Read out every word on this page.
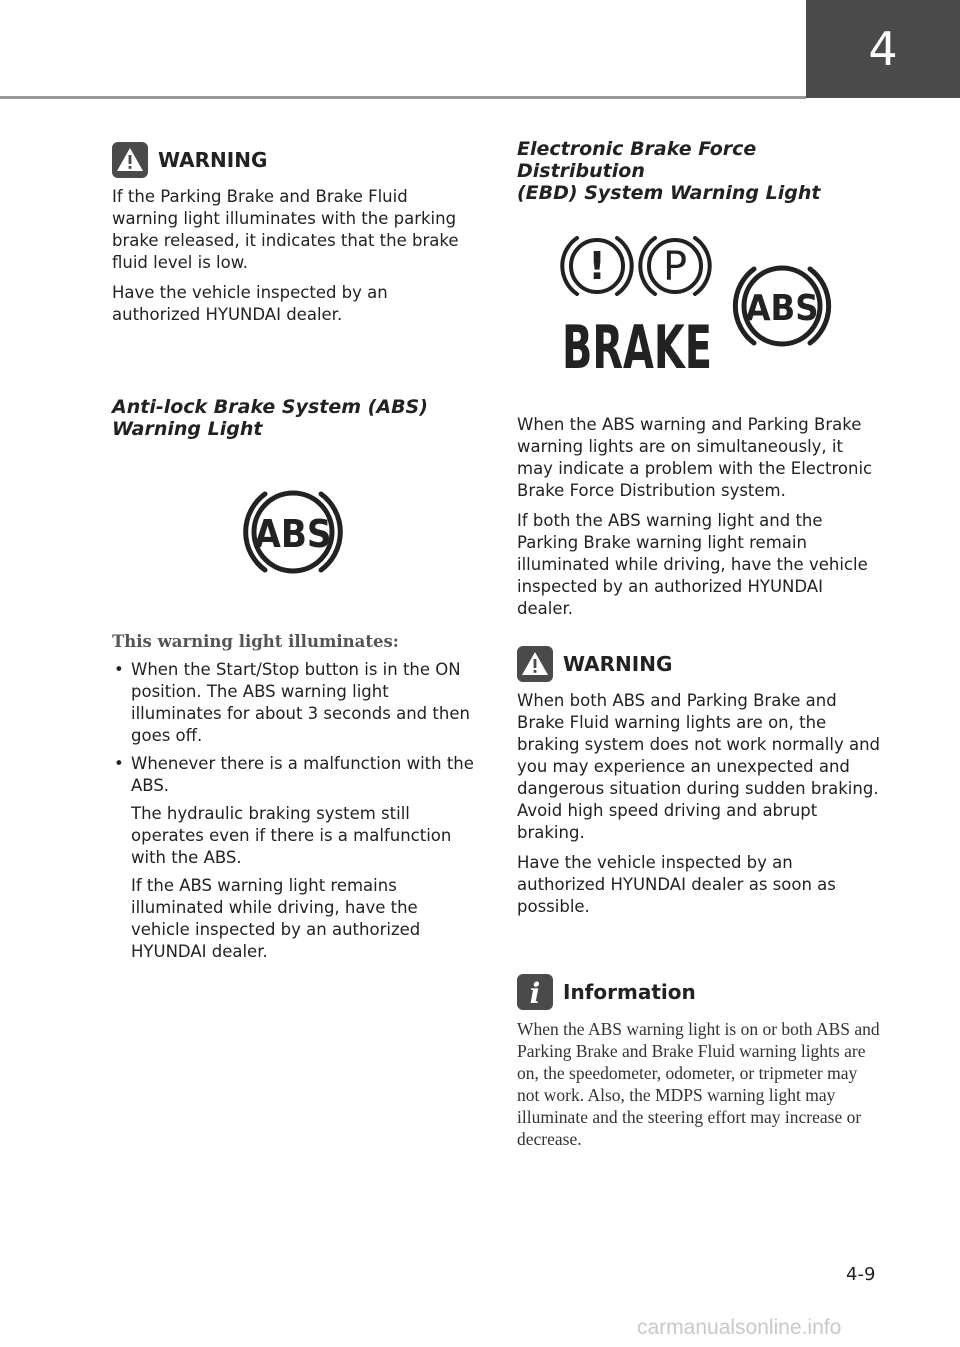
4
WARNING

If the Parking Brake and Brake Fluid warning light illuminates with the parking brake released, it indicates that the brake fluid level is low.

Have the vehicle inspected by an authorized HYUNDAI dealer.

Anti-lock Brake System (ABS)
Warning Light
ABS

This warning light illuminates:

• When the Start/Stop button is in the ON position. The ABS warning light illuminates for about 3 seconds and then goes off.

• Whenever there is a malfunction with the ABS.

The hydraulic braking system still operates even if there is a malfunction with the ABS.

If the ABS warning light remains illuminated while driving, have the vehicle inspected by an authorized HYUNDAI dealer.

Electronic Brake Force Distribution
(EBD) System Warning Light
! P
BRAKE
ABS

When the ABS warning and Parking Brake warning lights are on simultaneously, it may indicate a problem with the Electronic Brake Force Distribution system.

If both the ABS warning light and the Parking Brake warning light remain illuminated while driving, have the vehicle inspected by an authorized HYUNDAI dealer.

WARNING

When both ABS and Parking Brake and Brake Fluid warning lights are on, the braking system does not work normally and you may experience an unexpected and dangerous situation during sudden braking. Avoid high speed driving and abrupt braking.

Have the vehicle inspected by an authorized HYUNDAI dealer as soon as possible.

i Information

When the ABS warning light is on or both ABS and Parking Brake and Brake Fluid warning lights are on, the speedometer, odometer, or tripmeter may not work. Also, the MDPS warning light may illuminate and the steering effort may increase or decrease.

4-9
carmanualsonline.info
